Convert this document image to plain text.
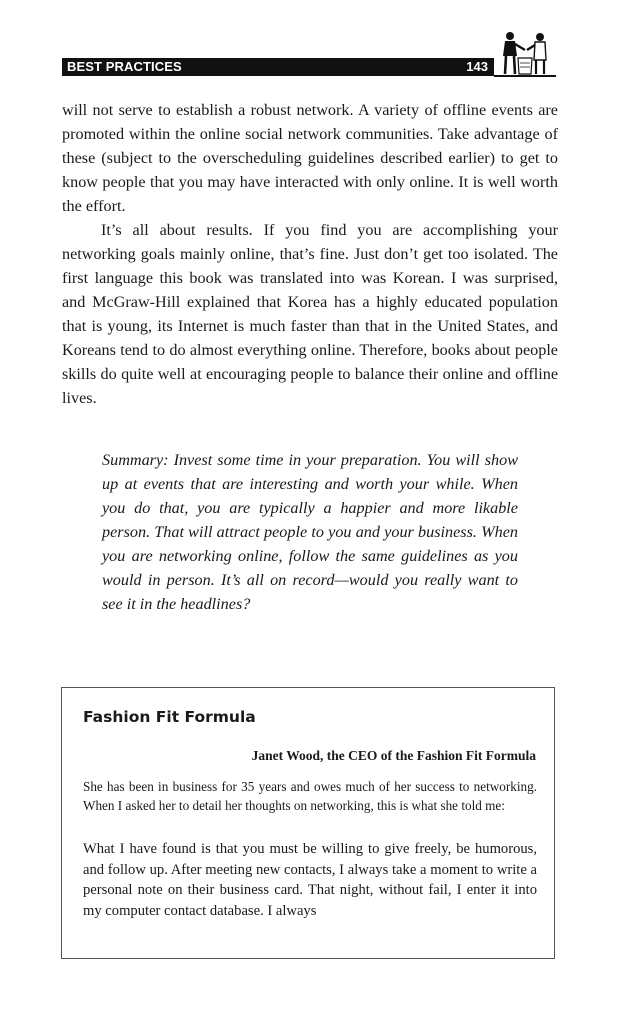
BEST PRACTICES	143

will not serve to establish a robust network. A variety of offline events are promoted within the online social network communities. Take advantage of these (subject to the overscheduling guidelines described earlier) to get to know people that you may have interacted with only online. It is well worth the effort.

It’s all about results. If you find you are accomplishing your networking goals mainly online, that’s fine. Just don’t get too isolated. The first language this book was translated into was Korean. I was surprised, and McGraw-Hill explained that Korea has a highly educated population that is young, its Internet is much faster than that in the United States, and Koreans tend to do almost everything online. Therefore, books about people skills do quite well at encouraging people to balance their online and offline lives.

Summary: Invest some time in your preparation. You will show up at events that are interesting and worth your while. When you do that, you are typically a happier and more likable person. That will attract people to you and your business. When you are networking online, follow the same guidelines as you would in person. It’s all on record—would you really want to see it in the headlines?

Fashion Fit Formula
Janet Wood, the CEO of the Fashion Fit Formula

She has been in business for 35 years and owes much of her success to networking. When I asked her to detail her thoughts on networking, this is what she told me:

What I have found is that you must be willing to give freely, be humorous, and follow up. After meeting new contacts, I always take a moment to write a personal note on their business card. That night, without fail, I enter it into my computer contact database. I always
